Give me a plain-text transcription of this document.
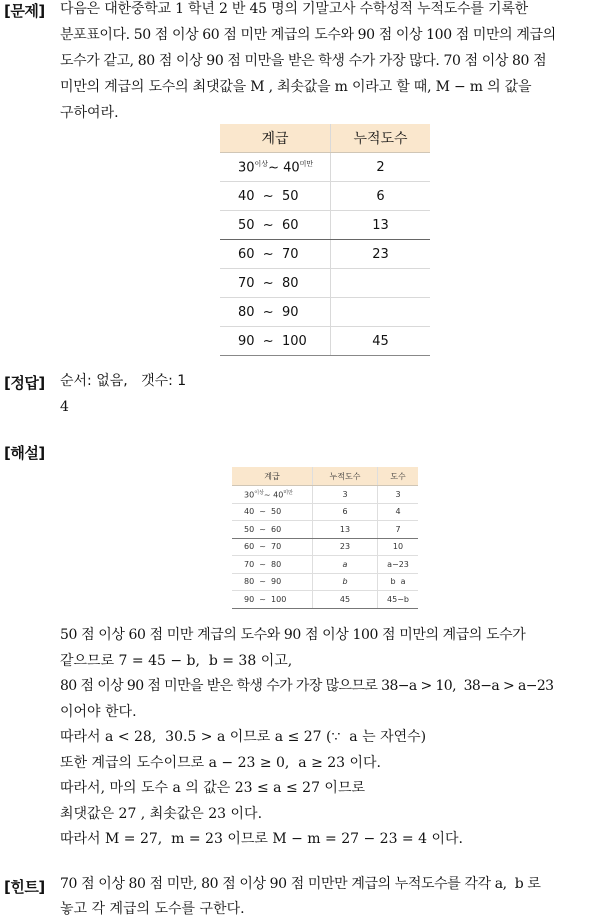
[문제] 다음은 대한중학교 1 학년 2 반 45 명의 기말고사 수학성적 누적도수를 기록한

분포표이다. 50 점 이상 60 점 미만 계급의 도수와 90 점 이상 100 점 미만의 계급의

도수가 같고, 80 점 이상 90 점 미만을 받은 학생 수가 가장 많다. 70 점 이상 80 점

미만의 계급의 도수의 최댓값을 M , 최솟값을 m 이라고 할 때, M − m 의 값을

구하여라.

계급	누적도수
$30^{이상}\sim$ $40^{미만}$	2
40  ~  50	6
50  ~  60	13
60  ~  70	23
70  ~  80	
80  ~  90	
90  ~  100	45
[정답] 순서: 없음,   갯수: 1

4

[해설]
계급	누적도수	도수
$30^{이상}\sim$ $40^{미만}$	3	3
40  ~  50	6	4
50  ~  60	13	7
60  ~  70	23	10
70  ~  80	a	a−23
80  ~  90	b	b  a
90  ~  100	45	45−b

50 점 이상 60 점 미만 계급의 도수와 90 점 이상 100 점 미만의 계급의 도수가

같으므로 7 = 45 − b,  b = 38 이고,

80 점 이상 90 점 미만을 받은 학생 수가 가장 많으므로 38−a > 10,  38−a > a−23

이어야 한다.

따라서 a < 28,  30.5 > a 이므로 a ≤ 27 (∵  a 는 자연수)

또한 계급의 도수이므로 a − 23 ≥ 0,  a ≥ 23 이다.

따라서, 마의 도수 a 의 값은 23 ≤ a ≤ 27 이므로

최댓값은 27 , 최솟값은 23 이다.

따라서 M = 27,  m = 23 이므로 M − m = 27 − 23 = 4 이다.

[힌트] 70 점 이상 80 점 미만, 80 점 이상 90 점 미만만 계급의 누적도수를 각각 a,  b 로

놓고 각 계급의 도수를 구한다.
